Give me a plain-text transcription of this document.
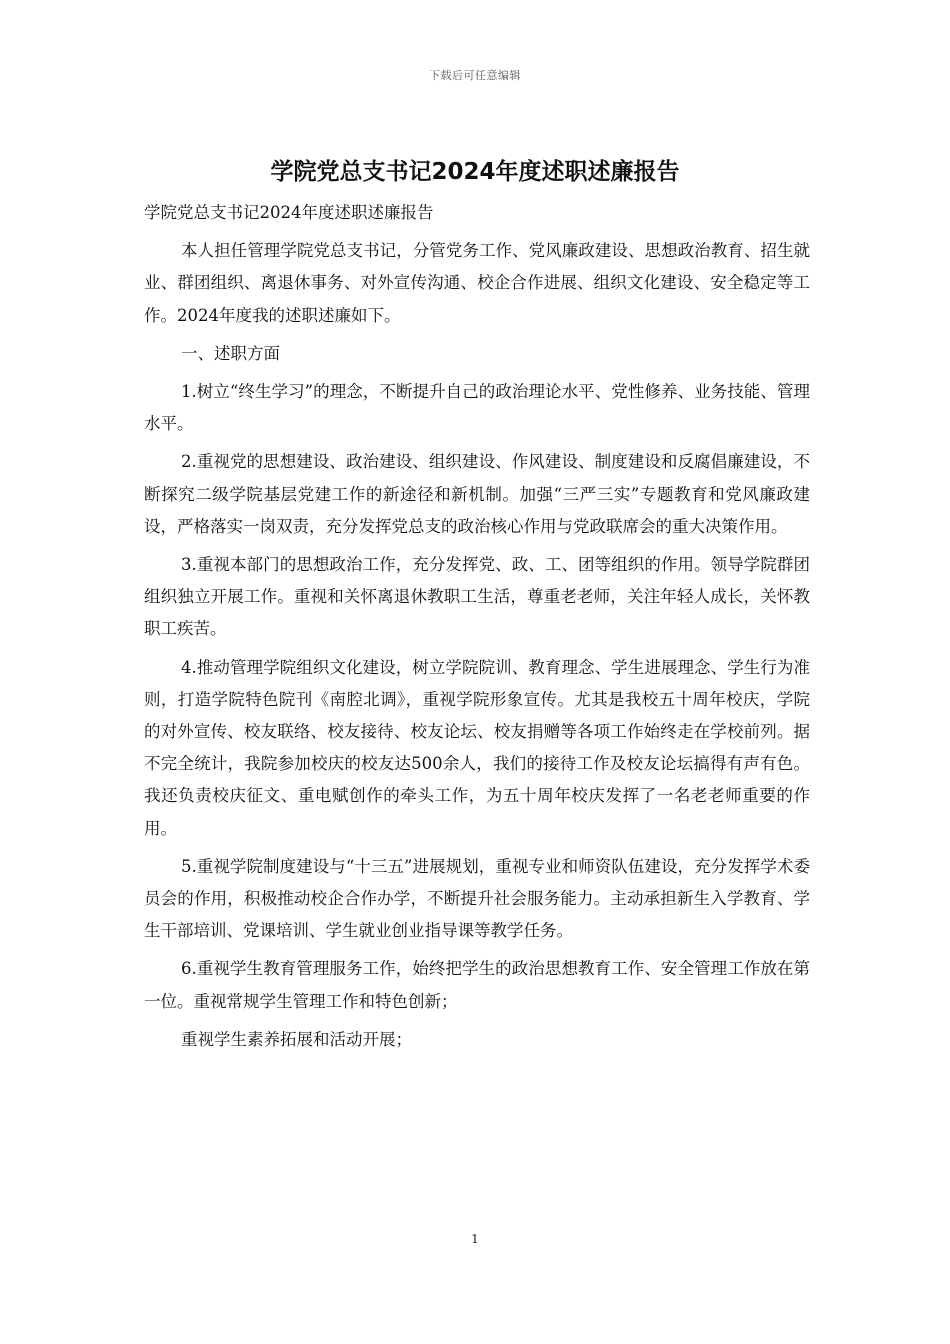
下载后可任意编辑
学院党总支书记2024年度述职述廉报告

学院党总支书记2024年度述职述廉报告

本人担任管理学院党总支书记，分管党务工作、党风廉政建设、思想政治教育、招生就业、群团组织、离退休事务、对外宣传沟通、校企合作进展、组织文化建设、安全稳定等工作。2024年度我的述职述廉如下。

一、述职方面

1.树立“终生学习”的理念，不断提升自己的政治理论水平、党性修养、业务技能、管理水平。

2.重视党的思想建设、政治建设、组织建设、作风建设、制度建设和反腐倡廉建设，不断探究二级学院基层党建工作的新途径和新机制。加强“三严三实”专题教育和党风廉政建设，严格落实一岗双责，充分发挥党总支的政治核心作用与党政联席会的重大决策作用。

3.重视本部门的思想政治工作，充分发挥党、政、工、团等组织的作用。领导学院群团组织独立开展工作。重视和关怀离退休教职工生活，尊重老老师，关注年轻人成长，关怀教职工疾苦。

4.推动管理学院组织文化建设，树立学院院训、教育理念、学生进展理念、学生行为准则，打造学院特色院刊《南腔北调》，重视学院形象宣传。尤其是我校五十周年校庆，学院的对外宣传、校友联络、校友接待、校友论坛、校友捐赠等各项工作始终走在学校前列。据不完全统计，我院参加校庆的校友达500余人，我们的接待工作及校友论坛搞得有声有色。我还负责校庆征文、重电赋创作的牵头工作，为五十周年校庆发挥了一名老老师重要的作用。

5.重视学院制度建设与“十三五”进展规划，重视专业和师资队伍建设，充分发挥学术委员会的作用，积极推动校企合作办学，不断提升社会服务能力。主动承担新生入学教育、学生干部培训、党课培训、学生就业创业指导课等教学任务。

6.重视学生教育管理服务工作，始终把学生的政治思想教育工作、安全管理工作放在第一位。重视常规学生管理工作和特色创新；

重视学生素养拓展和活动开展；

1
